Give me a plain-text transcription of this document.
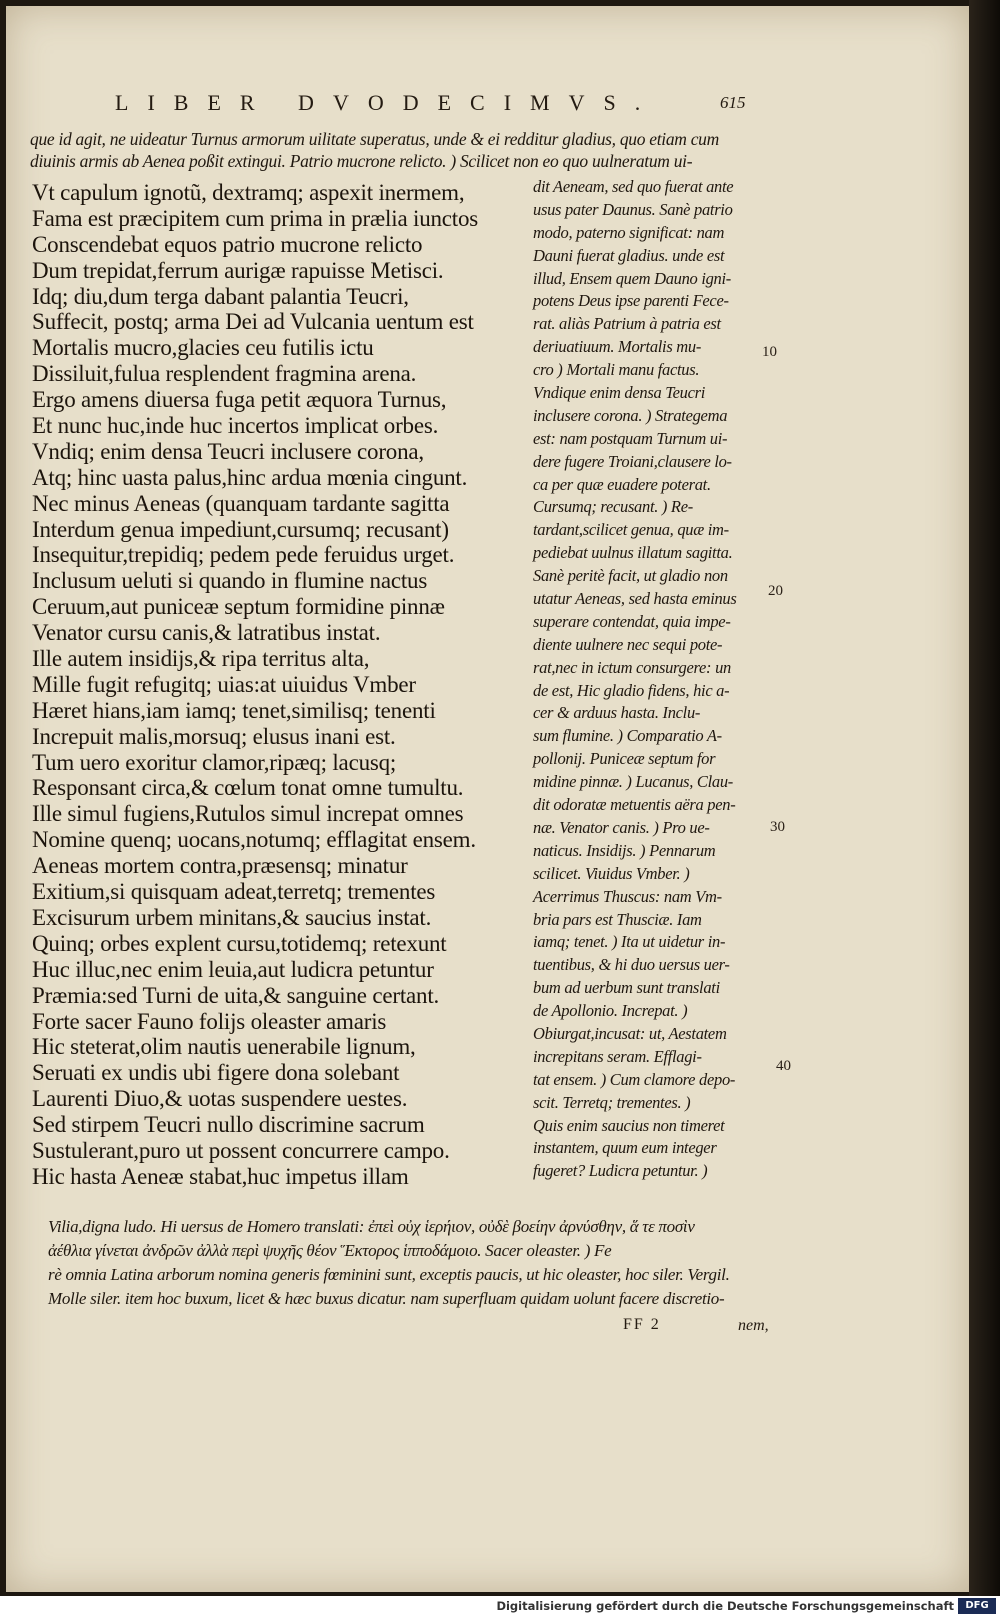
LIBER DVODECIMVS.	615
que id agit, ne uideatur Turnus armorum uilitate superatus, unde & ei redditur gladius, quo etiam cum
diuinis armis ab Aenea poßit extingui. Patrio mucrone relicto. ) Scilicet non eo quo uulneratum ui-
Vt capulum ignotũ, dextramq; aspexit inermem,
Fama est præcipitem cum prima in prælia iunctos
Conscendebat equos patrio mucrone relicto
Dum trepidat,ferrum aurigæ rapuisse Metisci.
Idq; diu,dum terga dabant palantia Teucri,
Suffecit, postq; arma Dei ad Vulcania uentum est
Mortalis mucro,glacies ceu futilis ictu
Dissiluit,fulua resplendent fragmina arena.
Ergo amens diuersa fuga petit æquora Turnus,
Et nunc huc,inde huc incertos implicat orbes.
Vndiq; enim densa Teucri inclusere corona,
Atq; hinc uasta palus,hinc ardua mœnia cingunt.
Nec minus Aeneas (quanquam tardante sagitta
Interdum genua impediunt,cursumq; recusant)
Insequitur,trepidiq; pedem pede feruidus urget.
Inclusum ueluti si quando in flumine nactus
Ceruum,aut puniceæ septum formidine pinnæ
Venator cursu canis,& latratibus instat.
Ille autem insidijs,& ripa territus alta,
Mille fugit refugitq; uias:at uiuidus Vmber
Hæret hians,iam iamq; tenet,similisq; tenenti
Increpuit malis,morsuq; elusus inani est.
Tum uero exoritur clamor,ripæq; lacusq;
Responsant circa,& cœlum tonat omne tumultu.
Ille simul fugiens,Rutulos simul increpat omnes
Nomine quenq; uocans,notumq; efflagitat ensem.
Aeneas mortem contra,præsensq; minatur
Exitium,si quisquam adeat,terretq; trementes
Excisurum urbem minitans,& saucius instat.
Quinq; orbes explent cursu,totidemq; retexunt
Huc illuc,nec enim leuia,aut ludicra petuntur
Præmia:sed Turni de uita,& sanguine certant.
Forte sacer Fauno folijs oleaster amaris
Hic steterat,olim nautis uenerabile lignum,
Seruati ex undis ubi figere dona solebant
Laurenti Diuo,& uotas suspendere uestes.
Sed stirpem Teucri nullo discrimine sacrum
Sustulerant,puro ut possent concurrere campo.
Hic hasta Aeneæ stabat,huc impetus illam
dit Aeneam, sed quo fuerat ante
usus pater Daunus. Sanè patrio
modo, paterno significat: nam
Dauni fuerat gladius. unde est
illud, Ensem quem Dauno igni-
potens Deus ipse parenti Fece-
rat. aliàs Patrium à patria est
deriuatiuum. Mortalis mu-
cro ) Mortali manu factus.
Vndique enim densa Teucri
inclusere corona. ) Strategema
est: nam postquam Turnum ui-
dere fugere Troiani,clausere lo-
ca per quæ euadere poterat.
Cursumq; recusant. ) Re-
tardant,scilicet genua, quæ im-
pediebat uulnus illatum sagitta.
Sanè peritè facit, ut gladio non
utatur Aeneas, sed hasta eminus
superare contendat, quia impe-
diente uulnere nec sequi pote-
rat,nec in ictum consurgere: un
de est, Hic gladio fidens, hic a-
cer & arduus hasta. Inclu-
sum flumine. ) Comparatio A-
pollonij. Puniceæ septum for
midine pinnæ. ) Lucanus, Clau-
dit odoratæ metuentis aëra pen-
næ. Venator canis. ) Pro ue-
naticus. Insidijs. ) Pennarum
scilicet. Viuidus Vmber. )
Acerrimus Thuscus: nam Vm-
bria pars est Thusciæ. Iam
iamq; tenet. ) Ita ut uidetur in-
tuentibus, & hi duo uersus uer-
bum ad uerbum sunt translati
de Apollonio. Increpat. )
Obiurgat,incusat: ut, Aestatem
increpitans seram. Efflagi-
tat ensem. ) Cum clamore depo-
scit. Terretq; trementes. )
Quis enim saucius non timeret
instantem, quum eum integer
fugeret? Ludicra petuntur. )
10
20
30
40
Vilia,digna ludo. Hi uersus de Homero translati: ἐπεὶ οὐχ ἱερήιον, οὐδὲ βοείην ἀρνύσθην, ἅ τε ποσὶν
ἀέθλια γίνεται ἀνδρῶν ἀλλὰ περὶ ψυχῆς θέον Ἕκτορος ἱπποδάμοιο. Sacer oleaster. ) Fe
rè omnia Latina arborum nomina generis fœminini sunt, exceptis paucis, ut hic oleaster, hoc siler. Vergil.
Molle siler. item hoc buxum, licet & hæc buxus dicatur. nam superfluam quidam uolunt facere discretio-
FF 2	nem,
Digitalisierung gefördert durch die Deutsche Forschungsgemeinschaft	DFG
